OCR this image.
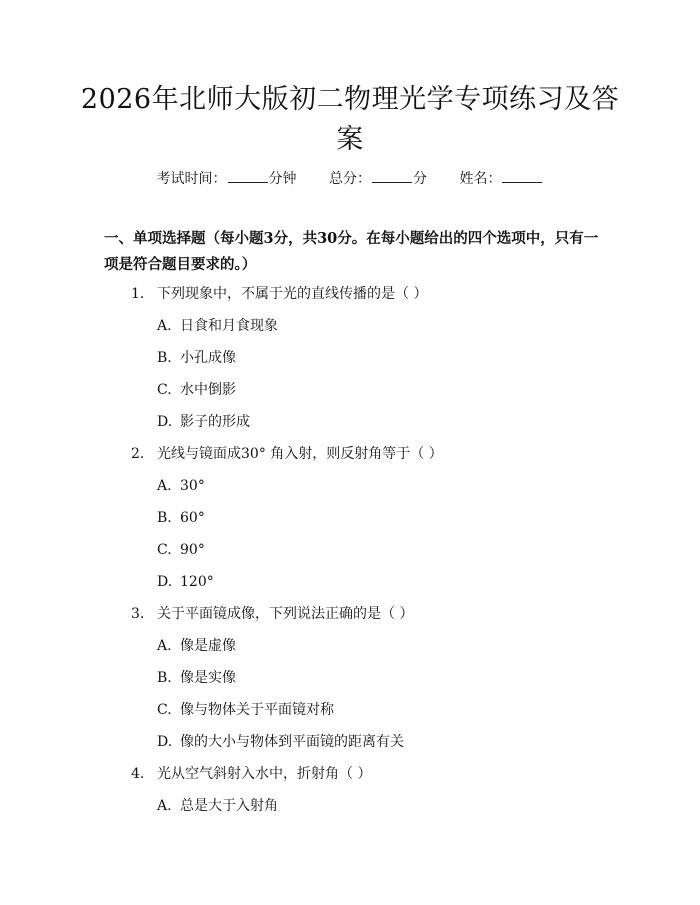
2026年北师大版初二物理光学专项练习及答案
考试时间：	分钟 总分：	分 姓名：
一、单项选择题（每小题3分，共30分。在每小题给出的四个选项中，只有一项是符合题目要求的。）
1. 下列现象中，不属于光的直线传播的是（ ）
A. 日食和月食现象
B. 小孔成像
C. 水中倒影
D. 影子的形成
2. 光线与镜面成30° 角入射，则反射角等于（ ）
A. 30°
B. 60°
C. 90°
D. 120°
3. 关于平面镜成像，下列说法正确的是（ ）
A. 像是虚像
B. 像是实像
C. 像与物体关于平面镜对称
D. 像的大小与物体到平面镜的距离有关
4. 光从空气斜射入水中，折射角（ ）
A. 总是大于入射角
